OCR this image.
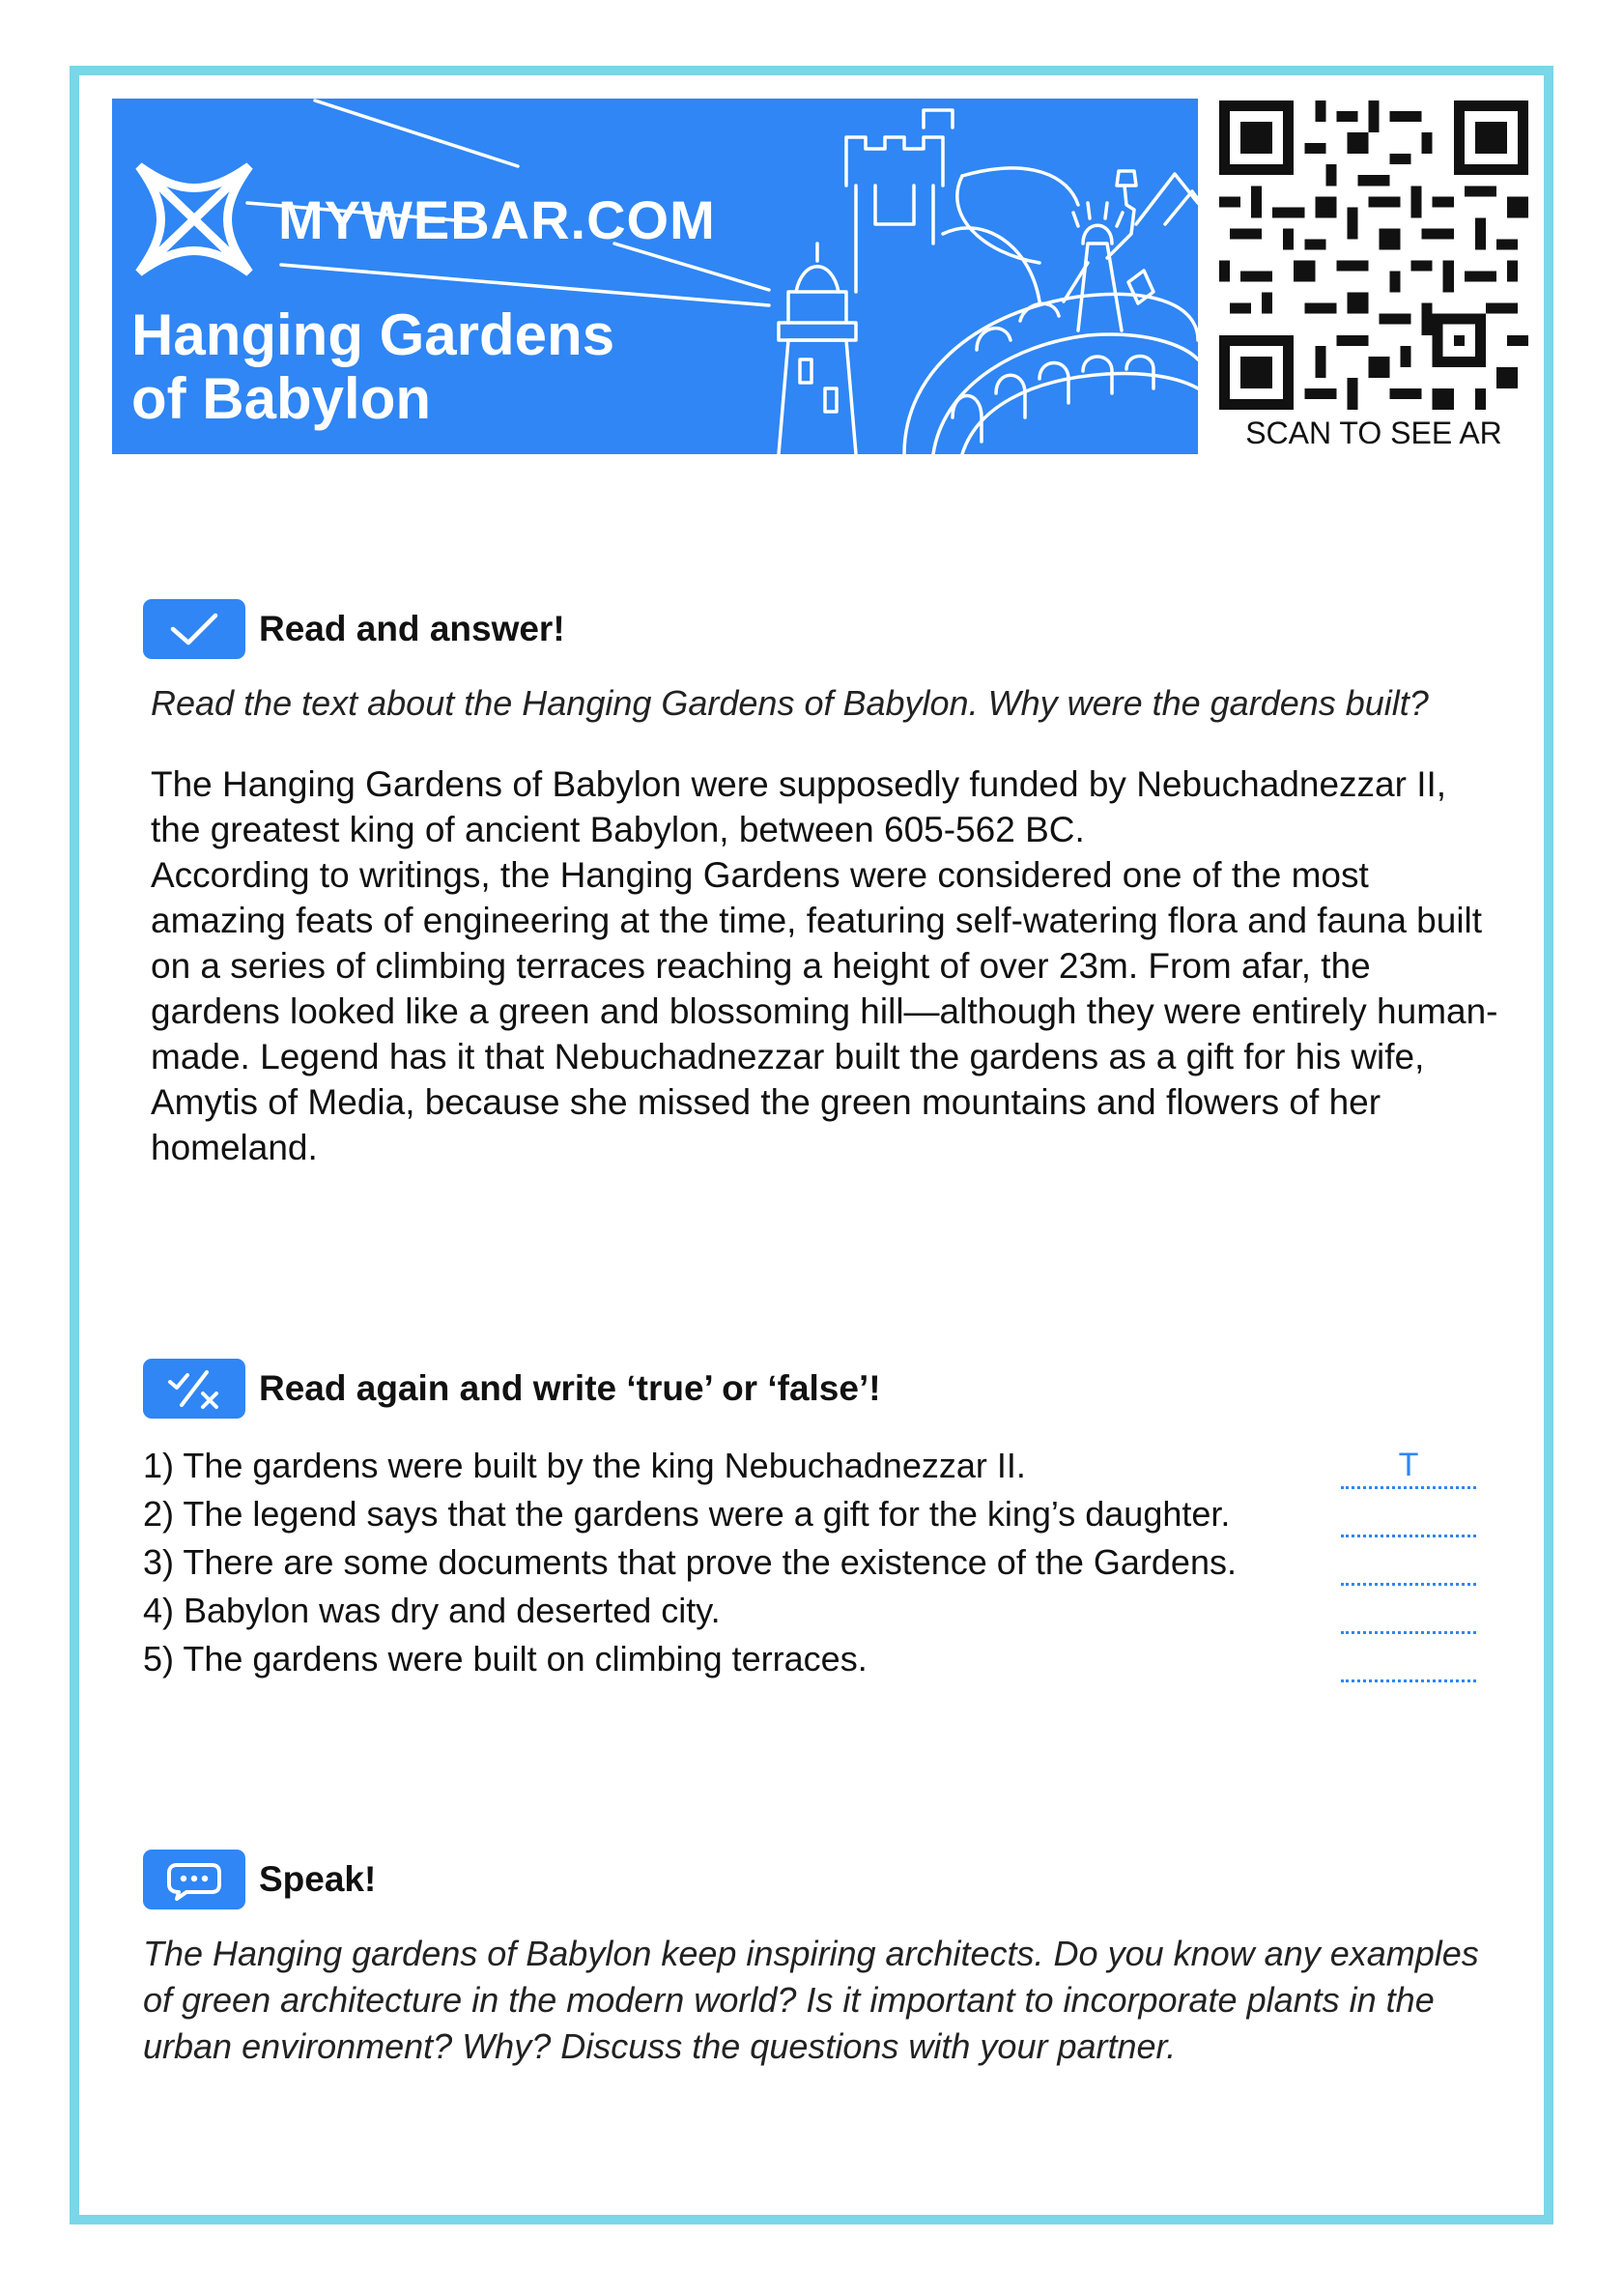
MYWEBAR.COM
Hanging Gardens
of Babylon
SCAN TO SEE AR
Read and answer!
Read the text about the Hanging Gardens of Babylon. Why were the gardens built?

The Hanging Gardens of Babylon were supposedly funded by Nebuchadnezzar II, the greatest king of ancient Babylon, between 605-562 BC.

According to writings, the Hanging Gardens were considered one of the most amazing feats of engineering at the time, featuring self-watering flora and fauna built on a series of climbing terraces reaching a height of over 23m. From afar, the gardens looked like a green and blossoming hill—although they were entirely human-made. Legend has it that Nebuchadnezzar built the gardens as a gift for his wife, Amytis of Media, because she missed the green mountains and flowers of her homeland.

Read again and write ‘true’ or ‘false’!
1) The gardens were built by the king Nebuchadnezzar II.	T
2) The legend says that the gardens were a gift for the king’s daughter.
3) There are some documents that prove the existence of the Gardens.
4) Babylon was dry and deserted city.
5) The gardens were built on climbing terraces.
Speak!
The Hanging gardens of Babylon keep inspiring architects. Do you know any examples of green architecture in the modern world? Is it important to incorporate plants in the urban environment? Why? Discuss the questions with your partner.
